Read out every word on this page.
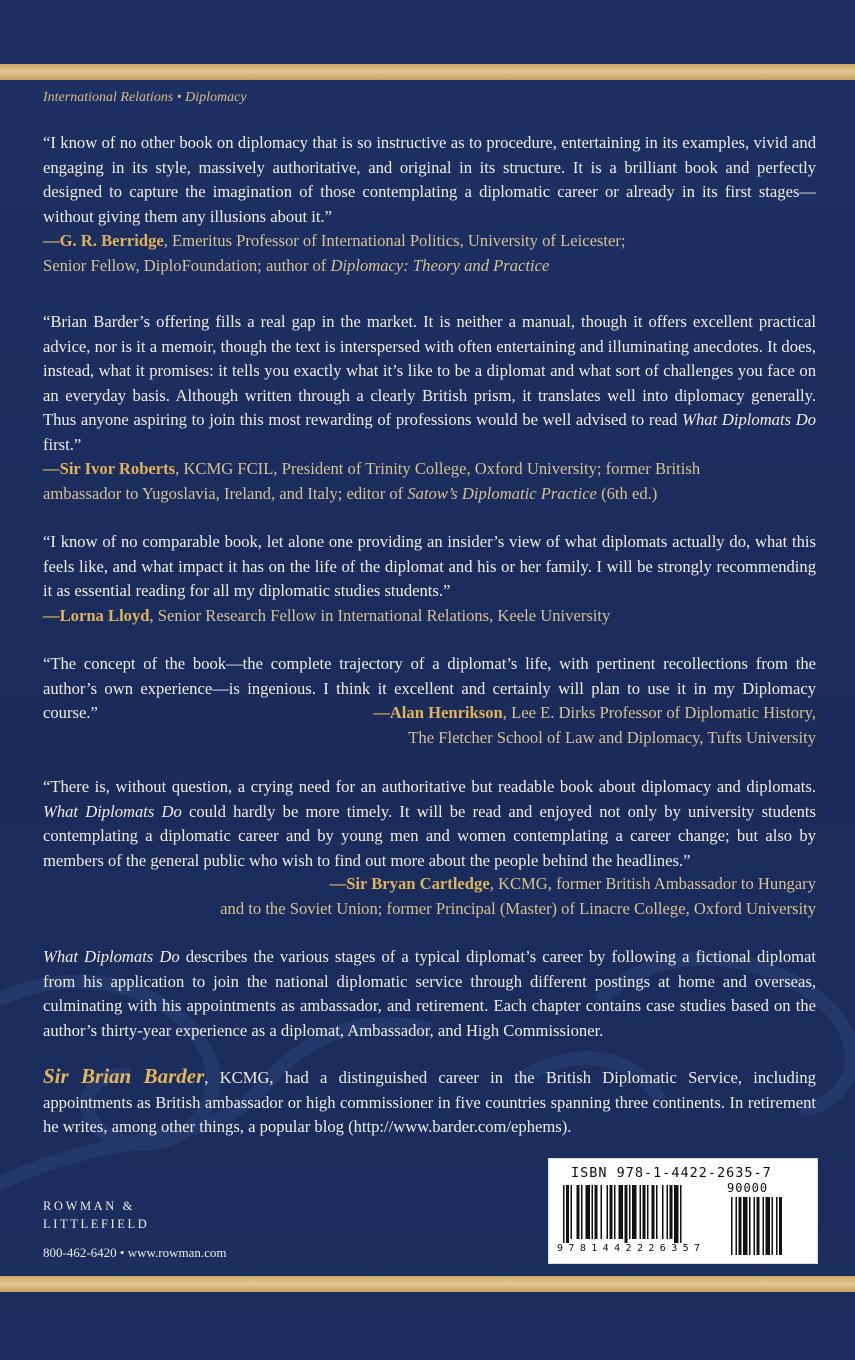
International Relations • Diplomacy
“I know of no other book on diplomacy that is so instructive as to procedure, entertaining in its examples, vivid and engaging in its style, massively authoritative, and original in its structure. It is a brilliant book and perfectly designed to capture the imagination of those contemplating a diplomatic career or already in its first stages—without giving them any illusions about it.”
—G. R. Berridge, Emeritus Professor of International Politics, University of Leicester;
Senior Fellow, DiploFoundation; author of Diplomacy: Theory and Practice
“Brian Barder’s offering fills a real gap in the market. It is neither a manual, though it offers excellent practical advice, nor is it a memoir, though the text is interspersed with often entertaining and illuminating anecdotes. It does, instead, what it promises: it tells you exactly what it’s like to be a diplomat and what sort of challenges you face on an everyday basis. Although written through a clearly British prism, it translates well into diplomacy generally. Thus anyone aspiring to join this most rewarding of professions would be well advised to read What Diplomats Do first.”
—Sir Ivor Roberts, KCMG FCIL, President of Trinity College, Oxford University; former British
ambassador to Yugoslavia, Ireland, and Italy; editor of Satow’s Diplomatic Practice (6th ed.)
“I know of no comparable book, let alone one providing an insider’s view of what diplomats actually do, what this feels like, and what impact it has on the life of the diplomat and his or her family. I will be strongly recommending it as essential reading for all my diplomatic studies students.”
—Lorna Lloyd, Senior Research Fellow in International Relations, Keele University
“The concept of the book—the complete trajectory of a diplomat’s life, with pertinent recollections from the author’s own experience—is ingenious. I think it excellent and certainly will plan to use it in my Diplomacy course.”	—Alan Henrikson, Lee E. Dirks Professor of Diplomatic History,
The Fletcher School of Law and Diplomacy, Tufts University
“There is, without question, a crying need for an authoritative but readable book about diplomacy and diplomats. What Diplomats Do could hardly be more timely. It will be read and enjoyed not only by university students contemplating a diplomatic career and by young men and women contemplating a career change; but also by members of the general public who wish to find out more about the people behind the headlines.”
—Sir Bryan Cartledge, KCMG, former British Ambassador to Hungary
and to the Soviet Union; former Principal (Master) of Linacre College, Oxford University
What Diplomats Do describes the various stages of a typical diplomat’s career by following a fictional diplomat from his application to join the national diplomatic service through different postings at home and overseas, culminating with his appointments as ambassador, and retirement. Each chapter contains case studies based on the author’s thirty-year experience as a diplomat, Ambassador, and High Commissioner.
Sir Brian Barder, KCMG, had a distinguished career in the British Diplomatic Service, including appointments as British ambassador or high commissioner in five countries spanning three continents. In retirement he writes, among other things, a popular blog (http://www.barder.com/ephems).
ROWMAN &
LITTLEFIELD
800-462-6420 • www.rowman.com
ISBN 978-1-4422-2635-7
90000
9781442226357
